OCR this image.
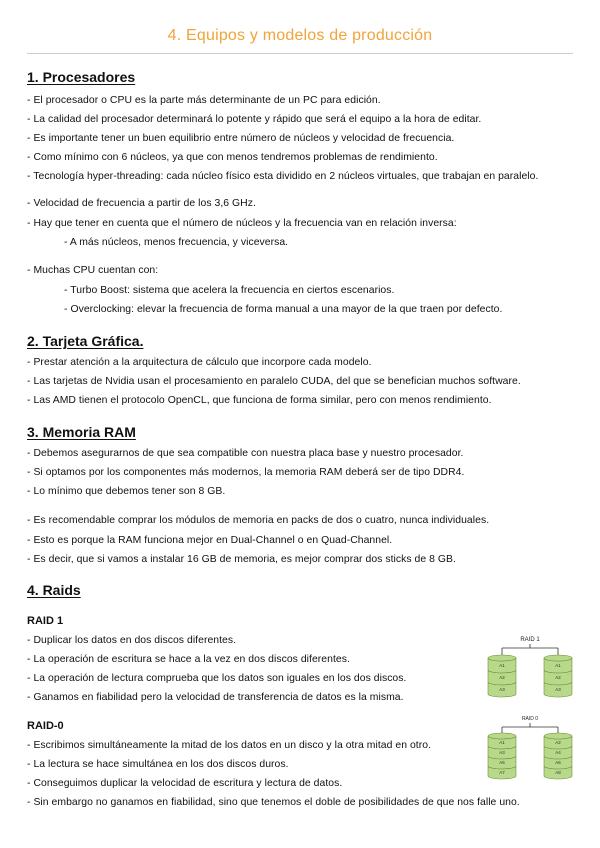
4. Equipos y modelos de producción
1. Procesadores
- El procesador o CPU es la parte más determinante de un PC para edición.
- La calidad del procesador determinará lo potente y rápido que será el equipo a la hora de editar.
- Es importante tener un buen equilibrio entre número de núcleos y velocidad de frecuencia.
- Como mínimo con 6 núcleos, ya que con menos tendremos problemas de rendimiento.
- Tecnología hyper-threading: cada núcleo físico esta dividido en 2 núcleos virtuales, que trabajan en paralelo.
- Velocidad de frecuencia a partir de los 3,6 GHz.
- Hay que tener en cuenta que el número de núcleos y la frecuencia van en relación inversa:
- A más núcleos, menos frecuencia, y viceversa.
- Muchas CPU cuentan con:
- Turbo Boost: sistema que acelera la frecuencia en ciertos escenarios.
- Overclocking: elevar la frecuencia de forma manual a una mayor de la que traen por defecto.
2. Tarjeta Gráfica.
- Prestar atención a la arquitectura de cálculo que incorpore cada modelo.
- Las tarjetas de Nvidia usan el procesamiento en paralelo CUDA, del que se benefician muchos software.
- Las AMD tienen el protocolo OpenCL, que funciona de forma similar, pero con menos rendimiento.
3. Memoria RAM
- Debemos asegurarnos de que sea compatible con nuestra placa base y nuestro procesador.
- Si optamos por los componentes más modernos, la memoria RAM deberá ser de tipo DDR4.
- Lo mínimo que debemos tener son 8 GB.
- Es recomendable comprar los módulos de memoria en packs de dos o cuatro, nunca individuales.
- Esto es porque la RAM funciona mejor en Dual-Channel o en Quad-Channel.
- Es decir, que si vamos a instalar 16 GB de memoria, es mejor comprar dos sticks de 8 GB.
4. Raids
RAID 1
- Duplicar los datos en dos discos diferentes.
- La operación de escritura se hace a la vez en dos discos diferentes.
- La operación de lectura comprueba que los datos son iguales en los dos discos.
- Ganamos en fiabilidad pero la velocidad de transferencia de datos es la misma.
RAID-0
- Escribimos simultáneamente la mitad de los datos en un disco y la otra mitad en otro.
- La lectura se hace simultánea en los dos discos duros.
- Conseguimos duplicar la velocidad de escritura y lectura de datos.
- Sin embargo no ganamos en fiabilidad, sino que tenemos el doble de posibilidades de que nos falle uno.
RAID 1
A1
A2
A3
A1
A2
A3
RAID 0
A1
A3
A5
A7
A2
A4
A6
A8
